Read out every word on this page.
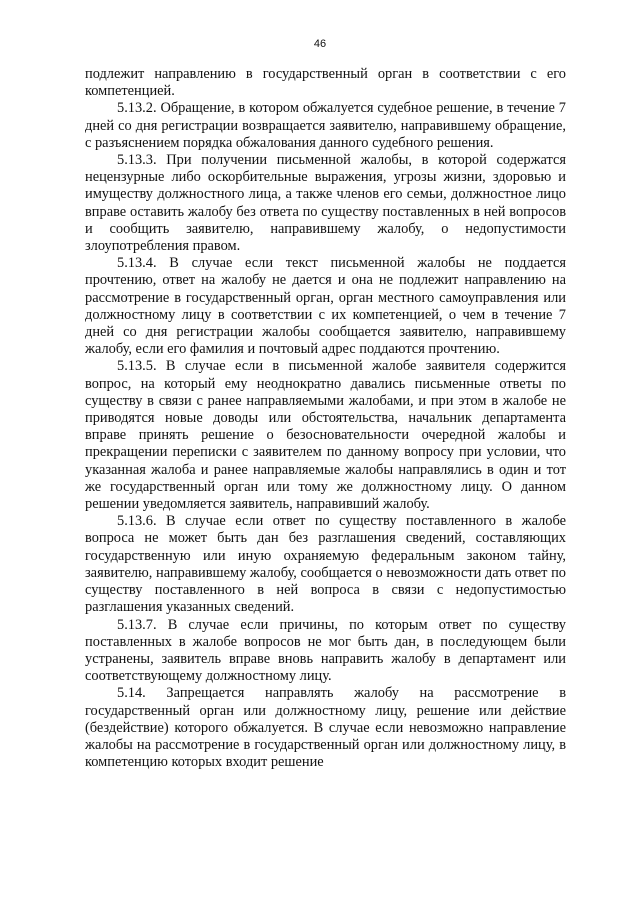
46

подлежит направлению в государственный орган в соответствии с его компетенцией.

5.13.2. Обращение, в котором обжалуется судебное решение, в течение 7 дней со дня регистрации возвращается заявителю, направившему обращение, с разъяснением порядка обжалования данного судебного решения.

5.13.3. При получении письменной жалобы, в которой содержатся нецензурные либо оскорбительные выражения, угрозы жизни, здоровью и имуществу должностного лица, а также членов его семьи, должностное лицо вправе оставить жалобу без ответа по существу поставленных в ней вопросов и сообщить заявителю, направившему жалобу, о недопустимости злоупотребления правом.

5.13.4. В случае если текст письменной жалобы не поддается прочтению, ответ на жалобу не дается и она не подлежит направлению на рассмотрение в государственный орган, орган местного самоуправления или должностному лицу в соответствии с их компетенцией, о чем в течение 7 дней со дня регистрации жалобы сообщается заявителю, направившему жалобу, если его фамилия и почтовый адрес поддаются прочтению.

5.13.5. В случае если в письменной жалобе заявителя содержится вопрос, на который ему неоднократно давались письменные ответы по существу в связи с ранее направляемыми жалобами, и при этом в жалобе не приводятся новые доводы или обстоятельства, начальник департамента вправе принять решение о безосновательности очередной жалобы и прекращении переписки с заявителем по данному вопросу при условии, что указанная жалоба и ранее направляемые жалобы направлялись в один и тот же государственный орган или тому же должностному лицу. О данном решении уведомляется заявитель, направивший жалобу.

5.13.6. В случае если ответ по существу поставленного в жалобе вопроса не может быть дан без разглашения сведений, составляющих государственную или иную охраняемую федеральным законом тайну, заявителю, направившему жалобу, сообщается о невозможности дать ответ по существу поставленного в ней вопроса в связи с недопустимостью разглашения указанных сведений.

5.13.7. В случае если причины, по которым ответ по существу поставленных в жалобе вопросов не мог быть дан, в последующем были устранены, заявитель вправе вновь направить жалобу в департамент или соответствующему должностному лицу.

5.14. Запрещается направлять жалобу на рассмотрение в государственный орган или должностному лицу, решение или действие (бездействие) которого обжалуется. В случае если невозможно направление жалобы на рассмотрение в государственный орган или должностному лицу, в компетенцию которых входит решение
